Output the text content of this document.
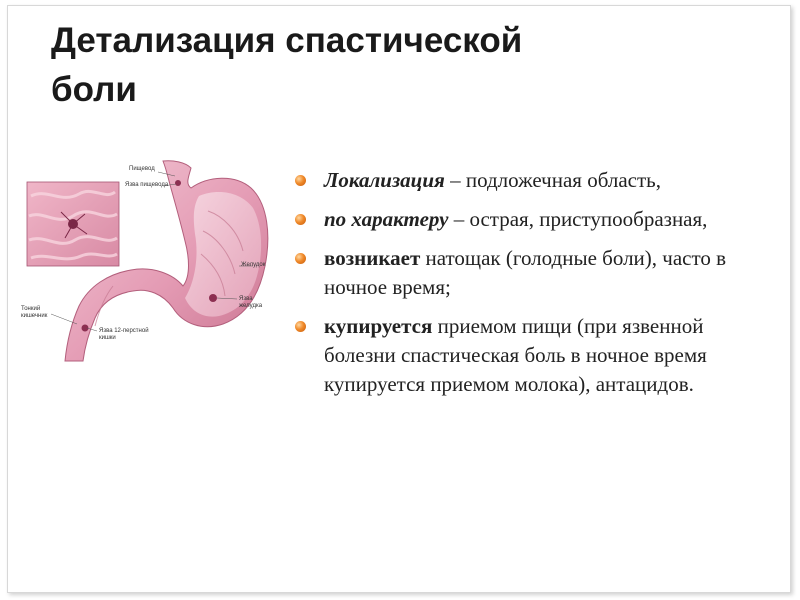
Детализация спастической
боли
Пищевод
Язва пищевода
Желудок
Язва
желудка
Тонкий
кишечник
Язва 12-перстной
кишки
Локализация – подложечная область,
по характеру – острая, приступообразная,
возникает натощак (голодные боли), часто в ночное время;
купируется приемом пищи (при язвенной болезни спастическая боль в ночное время купируется приемом молока), антацидов.
